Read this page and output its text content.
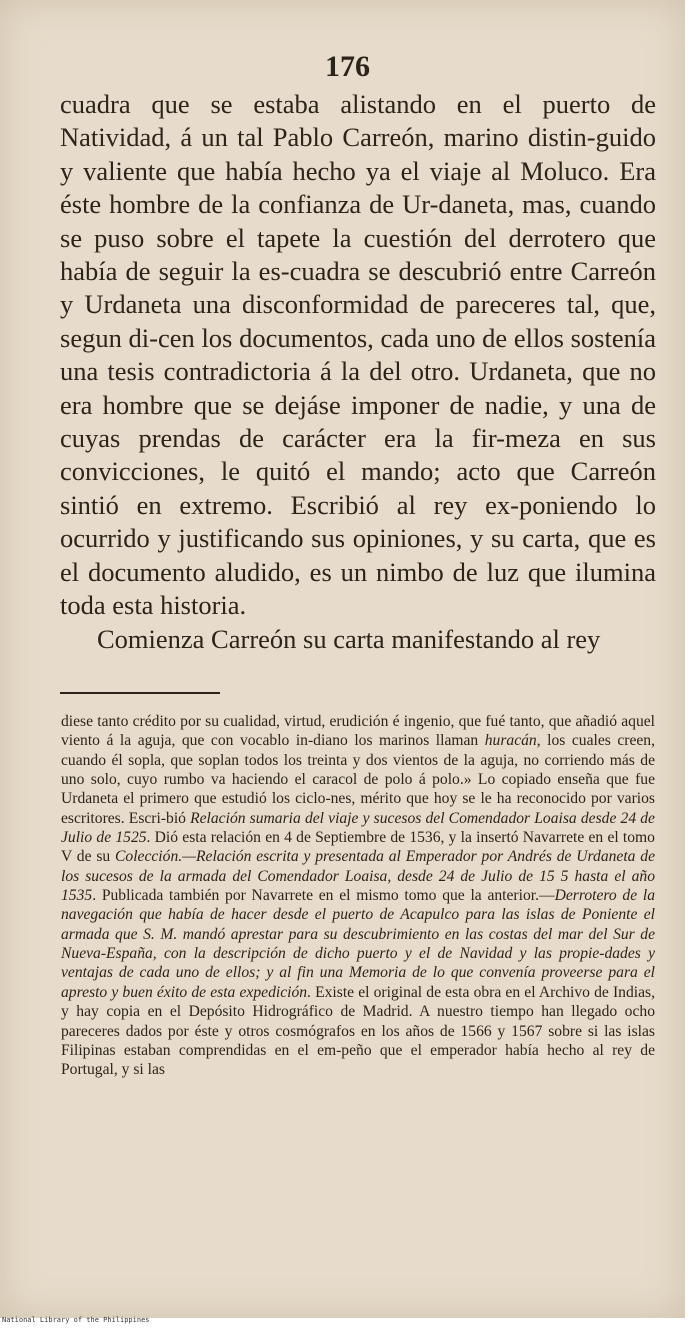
176

cuadra que se estaba alistando en el puerto de Natividad, á un tal Pablo Carreón, marino distin-guido y valiente que había hecho ya el viaje al Moluco. Era éste hombre de la confianza de Ur-daneta, mas, cuando se puso sobre el tapete la cuestión del derrotero que había de seguir la es-cuadra se descubrió entre Carreón y Urdaneta una disconformidad de pareceres tal, que, segun di-cen los documentos, cada uno de ellos sostenía una tesis contradictoria á la del otro. Urdaneta, que no era hombre que se dejáse imponer de nadie, y una de cuyas prendas de carácter era la fir-meza en sus convicciones, le quitó el mando; acto que Carreón sintió en extremo. Escribió al rey ex-poniendo lo ocurrido y justificando sus opiniones, y su carta, que es el documento aludido, es un nimbo de luz que ilumina toda esta historia.

Comienza Carreón su carta manifestando al rey

diese tanto crédito por su cualidad, virtud, erudición é ingenio, que fué tanto, que añadió aquel viento á la aguja, que con vocablo in-diano los marinos llaman huracán, los cuales creen, cuando él sopla, que soplan todos los treinta y dos vientos de la aguja, no corriendo más de uno solo, cuyo rumbo va haciendo el caracol de polo á polo.» Lo copiado enseña que fue Urdaneta el primero que estudió los ciclo-nes, mérito que hoy se le ha reconocido por varios escritores. Escri-bió Relación sumaria del viaje y sucesos del Comendador Loaisa desde 24 de Julio de 1525. Dió esta relación en 4 de Septiembre de 1536, y la insertó Navarrete en el tomo V de su Colección.—Relación escrita y presentada al Emperador por Andrés de Urdaneta de los sucesos de la armada del Comendador Loaisa, desde 24 de Julio de 15 5 hasta el año 1535. Publicada también por Navarrete en el mismo tomo que la anterior.—Derrotero de la navegación que había de hacer desde el puerto de Acapulco para las islas de Poniente el armada que S. M. mandó aprestar para su descubrimiento en las costas del mar del Sur de Nueva-España, con la descripción de dicho puerto y el de Navidad y las propie-dades y ventajas de cada uno de ellos; y al fin una Memoria de lo que convenía proveerse para el apresto y buen éxito de esta expedición. Existe el original de esta obra en el Archivo de Indias, y hay copia en el Depósito Hidrográfico de Madrid. A nuestro tiempo han llegado ocho pareceres dados por éste y otros cosmógrafos en los años de 1566 y 1567 sobre si las islas Filipinas estaban comprendidas en el em-peño que el emperador había hecho al rey de Portugal, y si las

National Library of the Philippines
